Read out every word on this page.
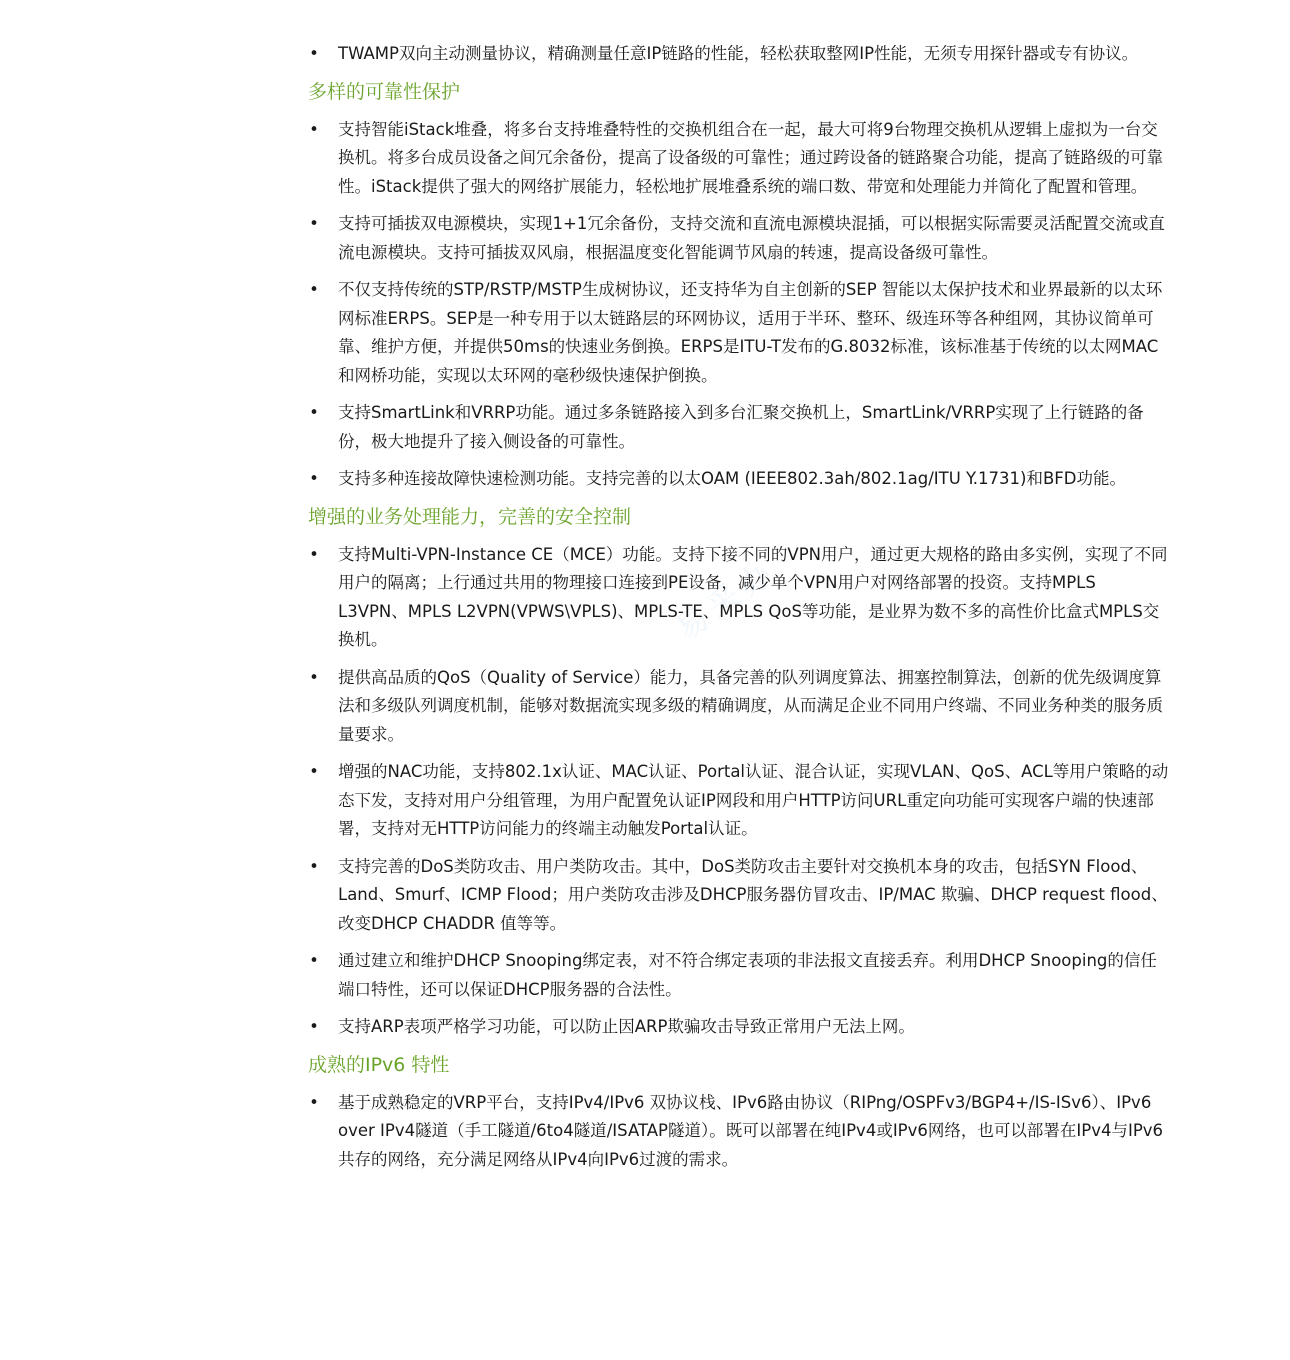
易采办
• TWAMP双向主动测量协议，精确测量任意IP链路的性能，轻松获取整网IP性能，无须专用探针器或专有协议。
多样的可靠性保护
• 支持智能iStack堆叠，将多台支持堆叠特性的交换机组合在一起，最大可将9台物理交换机从逻辑上虚拟为一台交换机。将多台成员设备之间冗余备份，提高了设备级的可靠性；通过跨设备的链路聚合功能，提高了链路级的可靠性。iStack提供了强大的网络扩展能力，轻松地扩展堆叠系统的端口数、带宽和处理能力并简化了配置和管理。
• 支持可插拔双电源模块，实现1+1冗余备份，支持交流和直流电源模块混插，可以根据实际需要灵活配置交流或直流电源模块。支持可插拔双风扇，根据温度变化智能调节风扇的转速，提高设备级可靠性。
• 不仅支持传统的STP/RSTP/MSTP生成树协议，还支持华为自主创新的SEP 智能以太保护技术和业界最新的以太环网标准ERPS。SEP是一种专用于以太链路层的环网协议，适用于半环、整环、级连环等各种组网，其协议简单可靠、维护方便，并提供50ms的快速业务倒换。ERPS是ITU-T发布的G.8032标准，该标准基于传统的以太网MAC和网桥功能，实现以太环网的毫秒级快速保护倒换。
• 支持SmartLink和VRRP功能。通过多条链路接入到多台汇聚交换机上，SmartLink/VRRP实现了上行链路的备份，极大地提升了接入侧设备的可靠性。
• 支持多种连接故障快速检测功能。支持完善的以太OAM (IEEE802.3ah/802.1ag/ITU Y.1731)和BFD功能。
增强的业务处理能力，完善的安全控制
• 支持Multi-VPN-Instance CE（MCE）功能。支持下接不同的VPN用户，通过更大规格的路由多实例，实现了不同用户的隔离；上行通过共用的物理接口连接到PE设备，减少单个VPN用户对网络部署的投资。支持MPLS L3VPN、MPLS L2VPN(VPWS\VPLS)、MPLS-TE、MPLS QoS等功能，是业界为数不多的高性价比盒式MPLS交换机。
• 提供高品质的QoS（Quality of Service）能力，具备完善的队列调度算法、拥塞控制算法，创新的优先级调度算法和多级队列调度机制，能够对数据流实现多级的精确调度，从而满足企业不同用户终端、不同业务种类的服务质量要求。
• 增强的NAC功能，支持802.1x认证、MAC认证、Portal认证、混合认证，实现VLAN、QoS、ACL等用户策略的动态下发，支持对用户分组管理，为用户配置免认证IP网段和用户HTTP访问URL重定向功能可实现客户端的快速部署，支持对无HTTP访问能力的终端主动触发Portal认证。
• 支持完善的DoS类防攻击、用户类防攻击。其中，DoS类防攻击主要针对交换机本身的攻击，包括SYN Flood、Land、Smurf、ICMP Flood；用户类防攻击涉及DHCP服务器仿冒攻击、IP/MAC 欺骗、DHCP request flood、改变DHCP CHADDR 值等等。
• 通过建立和维护DHCP Snooping绑定表，对不符合绑定表项的非法报文直接丢弃。利用DHCP Snooping的信任端口特性，还可以保证DHCP服务器的合法性。
• 支持ARP表项严格学习功能，可以防止因ARP欺骗攻击导致正常用户无法上网。
成熟的IPv6 特性
• 基于成熟稳定的VRP平台，支持IPv4/IPv6 双协议栈、IPv6路由协议（RIPng/OSPFv3/BGP4+/IS-ISv6）、IPv6 over IPv4隧道（手工隧道/6to4隧道/ISATAP隧道）。既可以部署在纯IPv4或IPv6网络，也可以部署在IPv4与IPv6共存的网络，充分满足网络从IPv4向IPv6过渡的需求。
